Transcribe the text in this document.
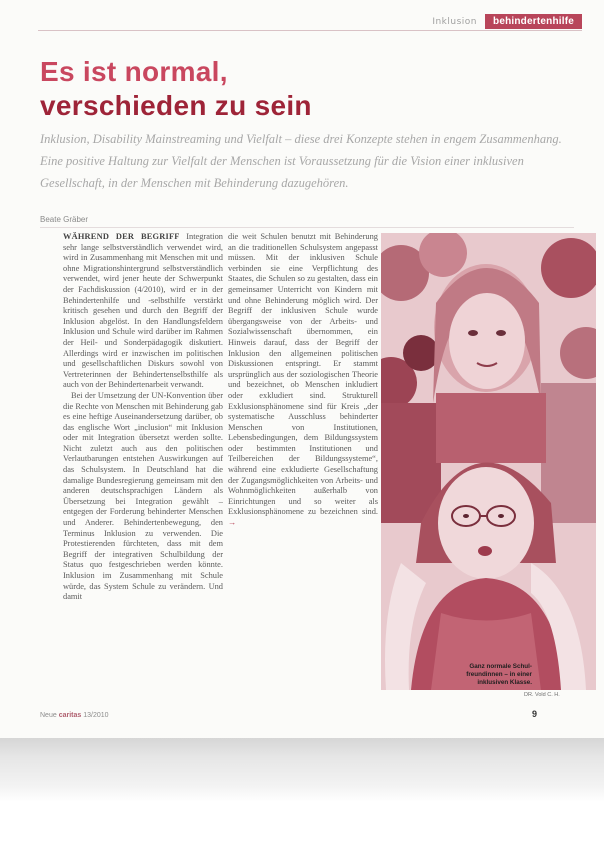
Inklusion	behindertenhilfe
Es ist normal,
verschieden zu sein
Inklusion, Disability Mainstreaming und Vielfalt – diese drei Konzepte stehen in engem Zusammenhang. Eine positive Haltung zur Vielfalt der Menschen ist Voraussetzung für die Vision einer inklusiven Gesellschaft, in der Menschen mit Behinderung dazugehören.
Beate Gräber

WÄHREND DER BEGRIFF Integration sehr lange selbstverständlich verwendet wird, wird in Zusammenhang mit Menschen mit und ohne Migrationshintergrund selbstverständlich verwendet, wird jener heute der Schwerpunkt der Fachdiskussion (4/2010), wird er in der Behindertenhilfe und -selbsthilfe verstärkt kritisch gesehen und durch den Begriff der Inklusion abgelöst. In den Handlungsfeldern Inklusion und Schule wird darüber im Rahmen der Heil- und Sonderpädagogik diskutiert. Allerdings wird er inzwischen im politischen und gesellschaftlichen Diskurs sowohl von Vertreterinnen der Behindertenselbsthilfe als auch von der Behindertenarbeit verwandt.

Bei der Umsetzung der UN-Konvention über die Rechte von Menschen mit Behinderung gab es eine heftige Auseinandersetzung darüber, ob das englische Wort „inclusion“ mit Inklusion oder mit Integration übersetzt werden sollte. Nicht zuletzt auch aus den politischen Verlautbarungen entstehen Auswirkungen auf das Schulsystem. In Deutschland hat die damalige Bundesregierung gemeinsam mit den anderen deutschsprachigen Ländern als Übersetzung bei Integration gewählt – entgegen der Forderung behinderter Menschen und Anderer. Behindertenbewegung, den Terminus Inklusion zu verwenden. Die Protestierenden fürchteten, dass mit dem Begriff der integrativen Schulbildung der Status quo festgeschrieben werden könnte. Inklusion im Zusammenhang mit Schule würde, das System Schule zu verändern. Und damit

die weit Schulen benutzt mit Behinderung an die traditionellen Schulsystem angepasst müssen. Mit der inklusiven Schule verbinden sie eine Verpflichtung des Staates, die Schulen so zu gestalten, dass ein gemeinsamer Unterricht von Kindern mit und ohne Behinderung möglich wird. Der Begriff der inklusiven Schule wurde übergangsweise von der Arbeits- und Sozialwissenschaft übernommen, ein Hinweis darauf, dass der Begriff der Inklusion den allgemeinen politischen Diskussionen entspringt. Er stammt ursprünglich aus der soziologischen Theorie und bezeichnet, ob Menschen inkludiert oder exkludiert sind. Strukturell Exklusionsphänomene sind für Kreis „der systematische Ausschluss behinderter Menschen von Institutionen, Lebensbedingungen, dem Bildungssystem oder bestimmten Institutionen und Teilbereichen der Bildungssysteme“, während eine exkludierte Gesellschaftung der Zugangsmöglichkeiten von Arbeits- und Wohnmöglichkeiten außerhalb von Einrichtungen und so weiter als Exklusionsphänomene zu bezeichnen sind. →

Ganz normale Schul-
freundinnen – in einer
inklusiven Klasse.
DR. Vold C. H.
Neue caritas 13/2010	9
